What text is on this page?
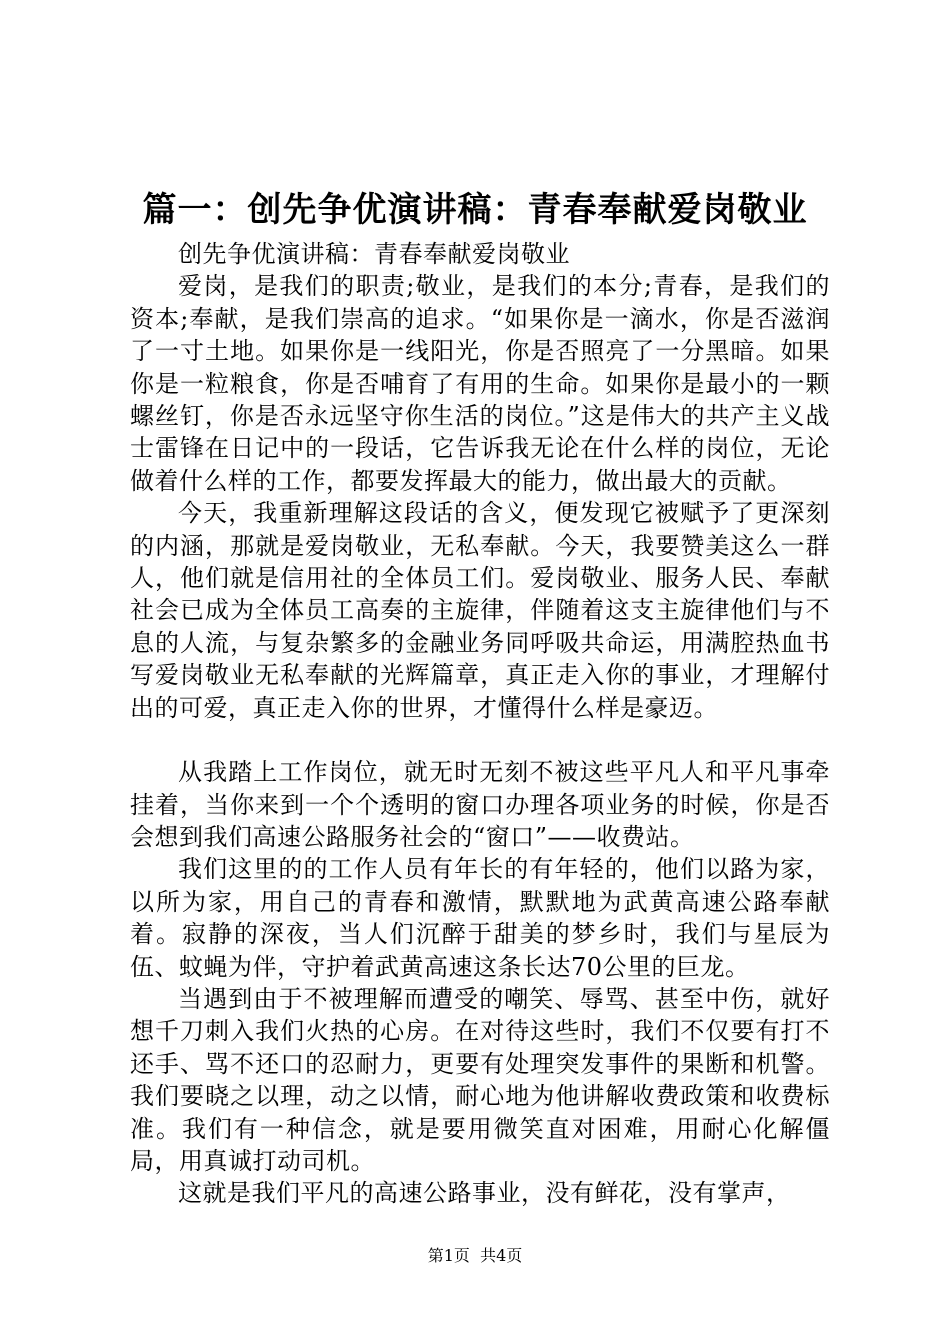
篇一：创先争优演讲稿：青春奉献爱岗敬业

创先争优演讲稿：青春奉献爱岗敬业

爱岗，是我们的职责;敬业，是我们的本分;青春，是我们的资本;奉献，是我们崇高的追求。“如果你是一滴水，你是否滋润了一寸土地。如果你是一线阳光，你是否照亮了一分黑暗。如果你是一粒粮食，你是否哺育了有用的生命。如果你是最小的一颗螺丝钉，你是否永远坚守你生活的岗位。”这是伟大的共产主义战士雷锋在日记中的一段话，它告诉我无论在什么样的岗位，无论做着什么样的工作，都要发挥最大的能力，做出最大的贡献。

今天，我重新理解这段话的含义，便发现它被赋予了更深刻的内涵，那就是爱岗敬业，无私奉献。今天，我要赞美这么一群人，他们就是信用社的全体员工们。爱岗敬业、服务人民、奉献社会已成为全体员工高奏的主旋律，伴随着这支主旋律他们与不息的人流，与复杂繁多的金融业务同呼吸共命运，用满腔热血书写爱岗敬业无私奉献的光辉篇章，真正走入你的事业，才理解付出的可爱，真正走入你的世界，才懂得什么样是豪迈。

从我踏上工作岗位，就无时无刻不被这些平凡人和平凡事牵挂着，当你来到一个个透明的窗口办理各项业务的时候，你是否会想到我们高速公路服务社会的“窗口”——收费站。

我们这里的的工作人员有年长的有年轻的，他们以路为家，以所为家，用自己的青春和激情，默默地为武黄高速公路奉献着。寂静的深夜，当人们沉醉于甜美的梦乡时，我们与星辰为伍、蚊蝇为伴，守护着武黄高速这条长达70公里的巨龙。

当遇到由于不被理解而遭受的嘲笑、辱骂、甚至中伤，就好想千刀刺入我们火热的心房。在对待这些时，我们不仅要有打不还手、骂不还口的忍耐力，更要有处理突发事件的果断和机警。我们要晓之以理，动之以情，耐心地为他讲解收费政策和收费标准。我们有一种信念，就是要用微笑直对困难，用耐心化解僵局，用真诚打动司机。

这就是我们平凡的高速公路事业，没有鲜花，没有掌声，

第1页  共4页
